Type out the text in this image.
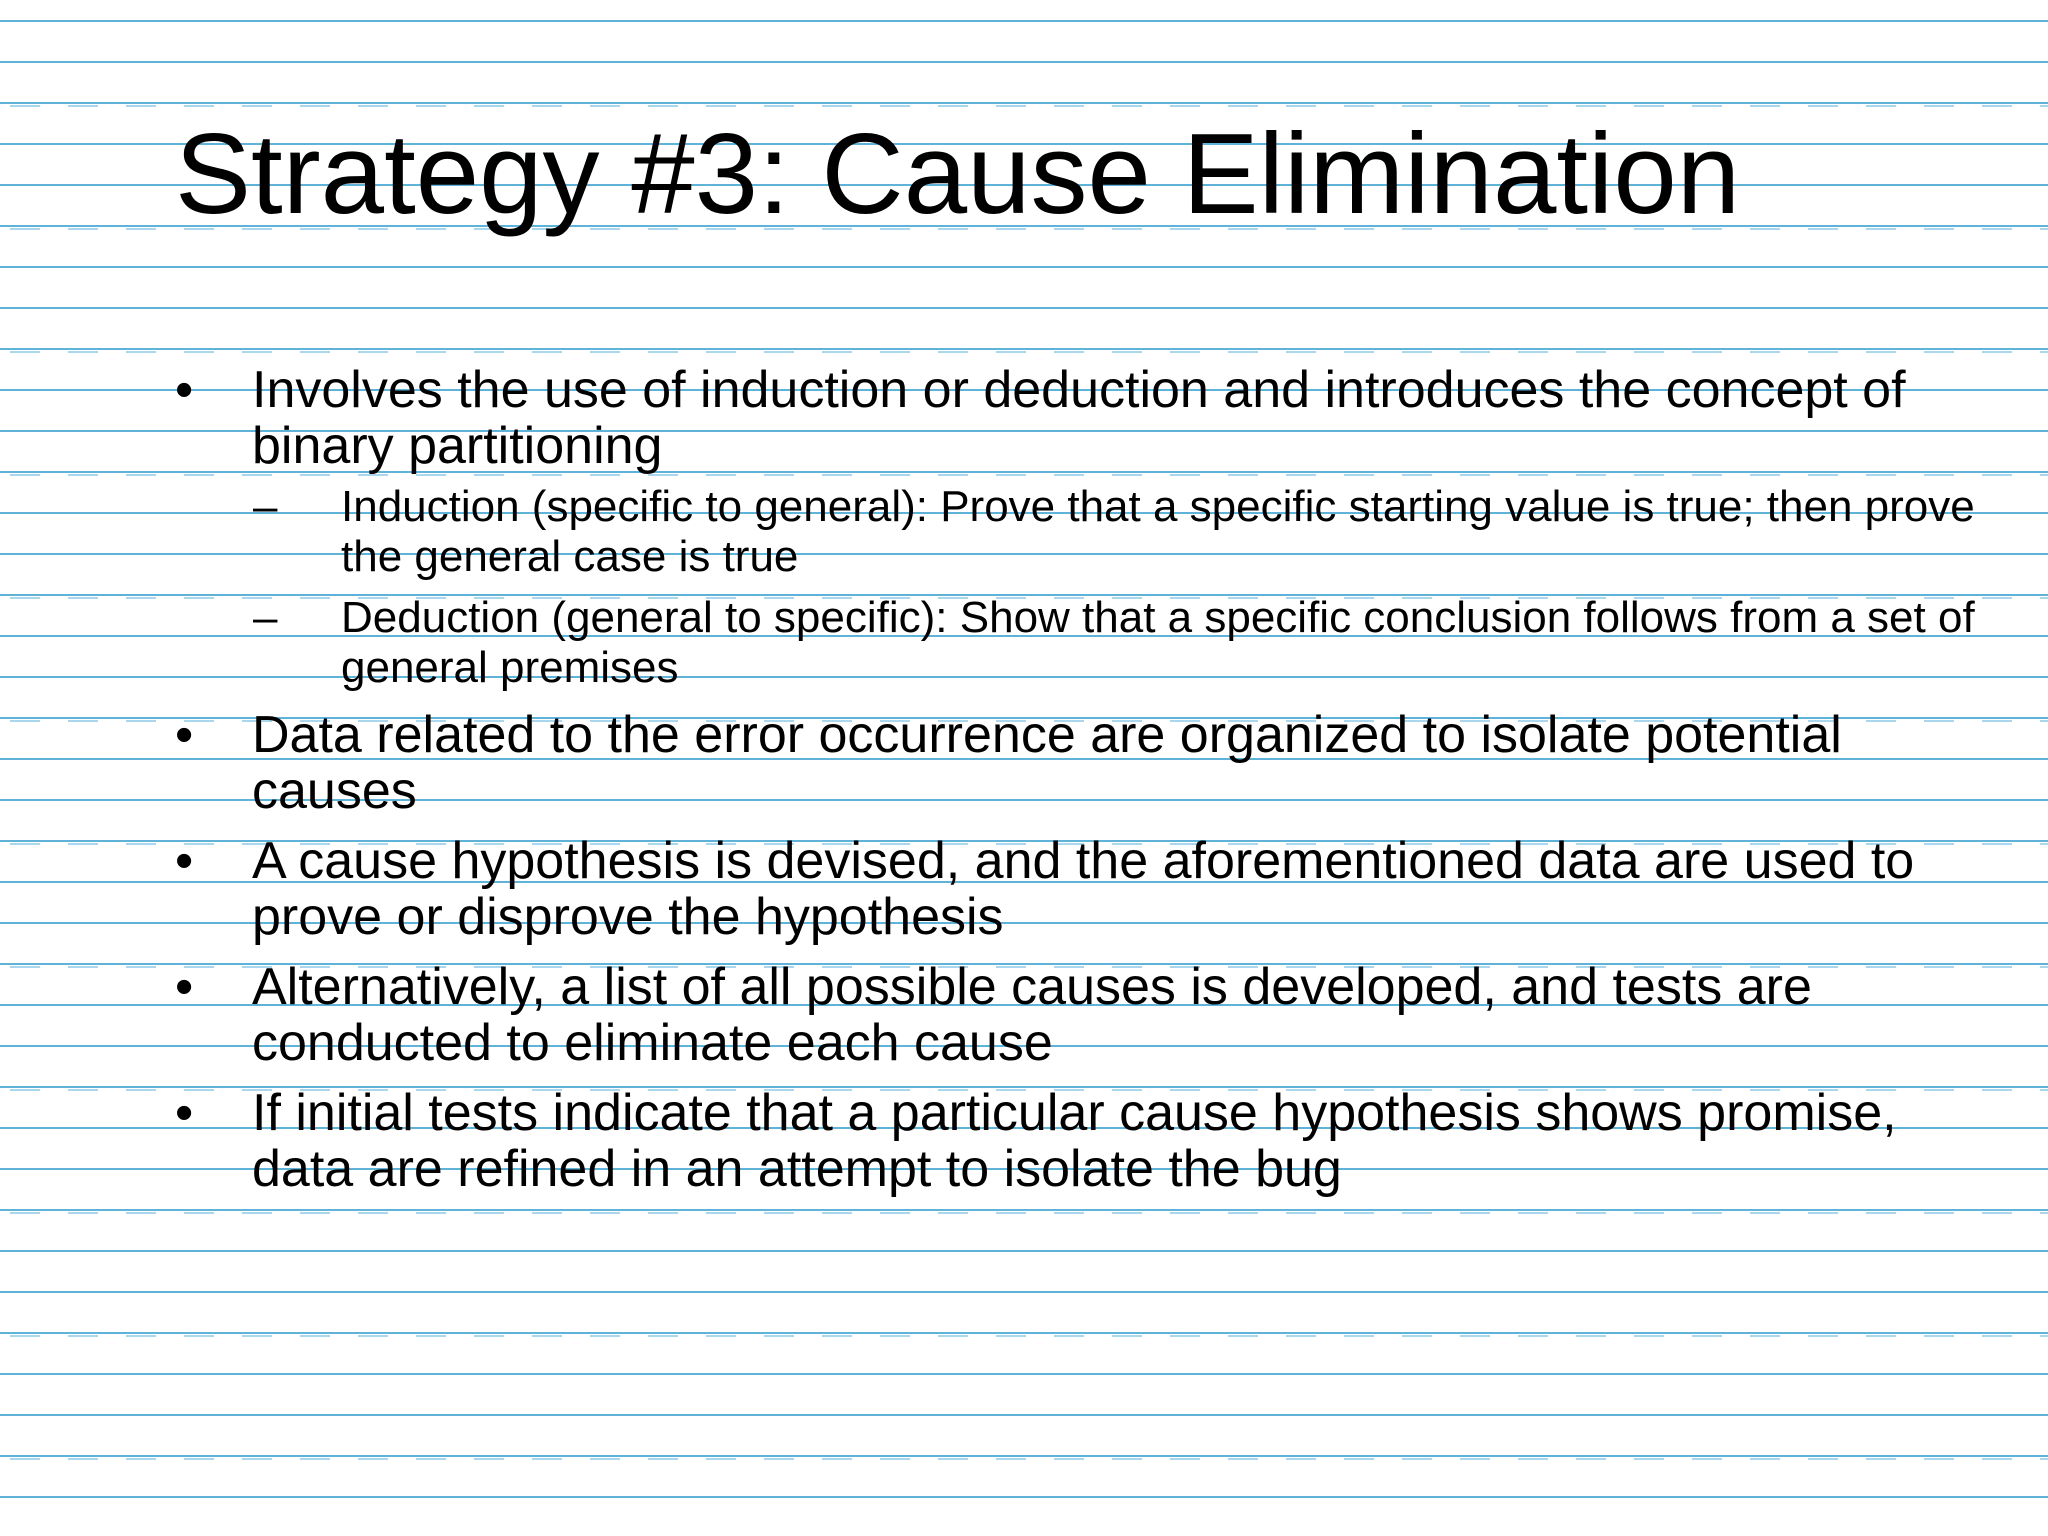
Strategy #3: Cause Elimination
• Involves the use of induction or deduction and introduces the concept of binary partitioning
–	Induction (specific to general): Prove that a specific starting value is true; then prove the general case is true
–	Deduction (general to specific): Show that a specific conclusion follows from a set of general premises
• Data related to the error occurrence are organized to isolate potential causes
• A cause hypothesis is devised, and the aforementioned data are used to prove or disprove the hypothesis
• Alternatively, a list of all possible causes is developed, and tests are conducted to eliminate each cause
• If initial tests indicate that a particular cause hypothesis shows promise, data are refined in an attempt to isolate the bug
